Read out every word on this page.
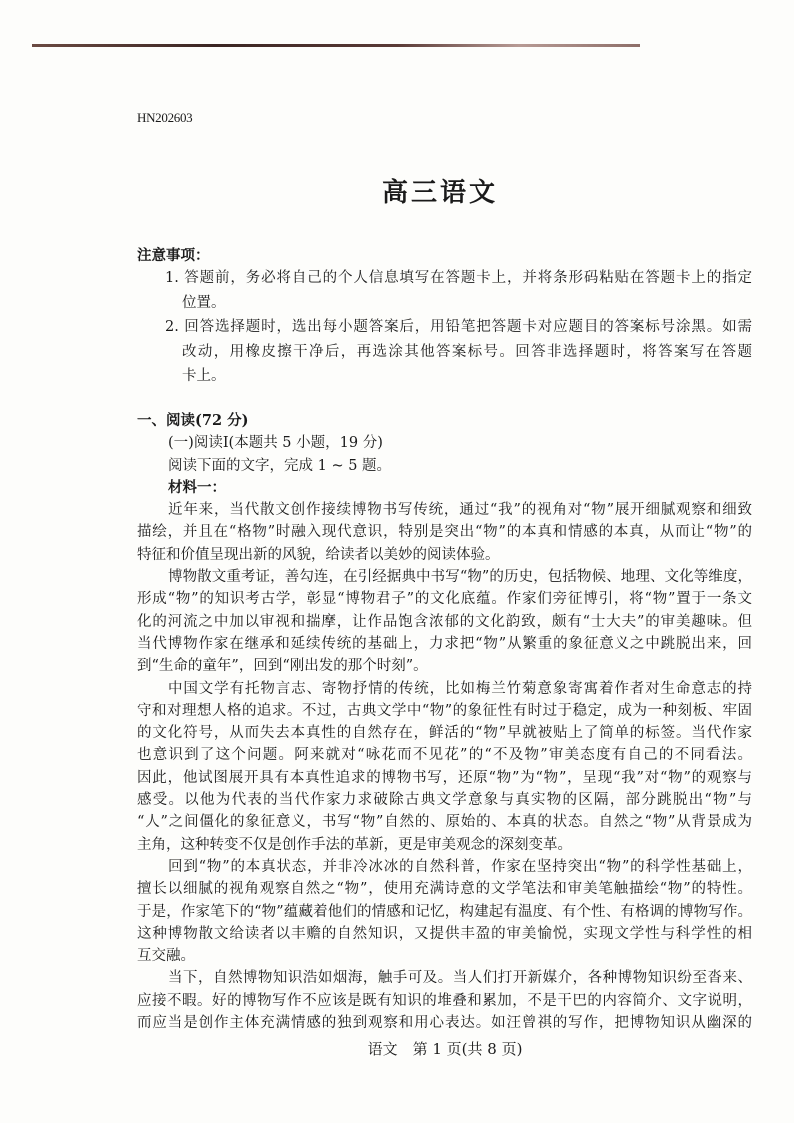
HN202603
高三语文
注意事项：
1. 答题前，务必将自己的个人信息填写在答题卡上，并将条形码粘贴在答题卡上的指定
位置。
2. 回答选择题时，选出每小题答案后，用铅笔把答题卡对应题目的答案标号涂黑。如需
改动，用橡皮擦干净后，再选涂其他答案标号。回答非选择题时，将答案写在答题
卡上。
一、阅读(72 分)
(一)阅读Ⅰ(本题共 5 小题，19 分)
阅读下面的文字，完成 1 ~ 5 题。
材料一：
近年来，当代散文创作接续博物书写传统，通过“我”的视角对“物”展开细腻观察和细致
描绘，并且在“格物”时融入现代意识，特别是突出“物”的本真和情感的本真，从而让“物”的
特征和价值呈现出新的风貌，给读者以美妙的阅读体验。
博物散文重考证，善勾连，在引经据典中书写“物”的历史，包括物候、地理、文化等维度，
形成“物”的知识考古学，彰显“博物君子”的文化底蕴。作家们旁征博引，将“物”置于一条文
化的河流之中加以审视和揣摩，让作品饱含浓郁的文化韵致，颇有“士大夫”的审美趣味。但
当代博物作家在继承和延续传统的基础上，力求把“物”从繁重的象征意义之中跳脱出来，回
到“生命的童年”，回到“刚出发的那个时刻”。
中国文学有托物言志、寄物抒情的传统，比如梅兰竹菊意象寄寓着作者对生命意志的持
守和对理想人格的追求。不过，古典文学中“物”的象征性有时过于稳定，成为一种刻板、牢固
的文化符号，从而失去本真性的自然存在，鲜活的“物”早就被贴上了简单的标签。当代作家
也意识到了这个问题。阿来就对“咏花而不见花”的“不及物”审美态度有自己的不同看法。
因此，他试图展开具有本真性追求的博物书写，还原“物”为“物”，呈现“我”对“物”的观察与
感受。以他为代表的当代作家力求破除古典文学意象与真实物的区隔，部分跳脱出“物”与
“人”之间僵化的象征意义，书写“物”自然的、原始的、本真的状态。自然之“物”从背景成为
主角，这种转变不仅是创作手法的革新，更是审美观念的深刻变革。
回到“物”的本真状态，并非冷冰冰的自然科普，作家在坚持突出“物”的科学性基础上，
擅长以细腻的视角观察自然之“物”，使用充满诗意的文学笔法和审美笔触描绘“物”的特性。
于是，作家笔下的“物”蕴藏着他们的情感和记忆，构建起有温度、有个性、有格调的博物写作。
这种博物散文给读者以丰赡的自然知识，又提供丰盈的审美愉悦，实现文学性与科学性的相
互交融。
当下，自然博物知识浩如烟海，触手可及。当人们打开新媒介，各种博物知识纷至沓来、
应接不暇。好的博物写作不应该是既有知识的堆叠和累加，不是干巴的内容简介、文字说明，
而应当是创作主体充满情感的独到观察和用心表达。如汪曾祺的写作，把博物知识从幽深的
语文　第 1 页(共 8 页)
